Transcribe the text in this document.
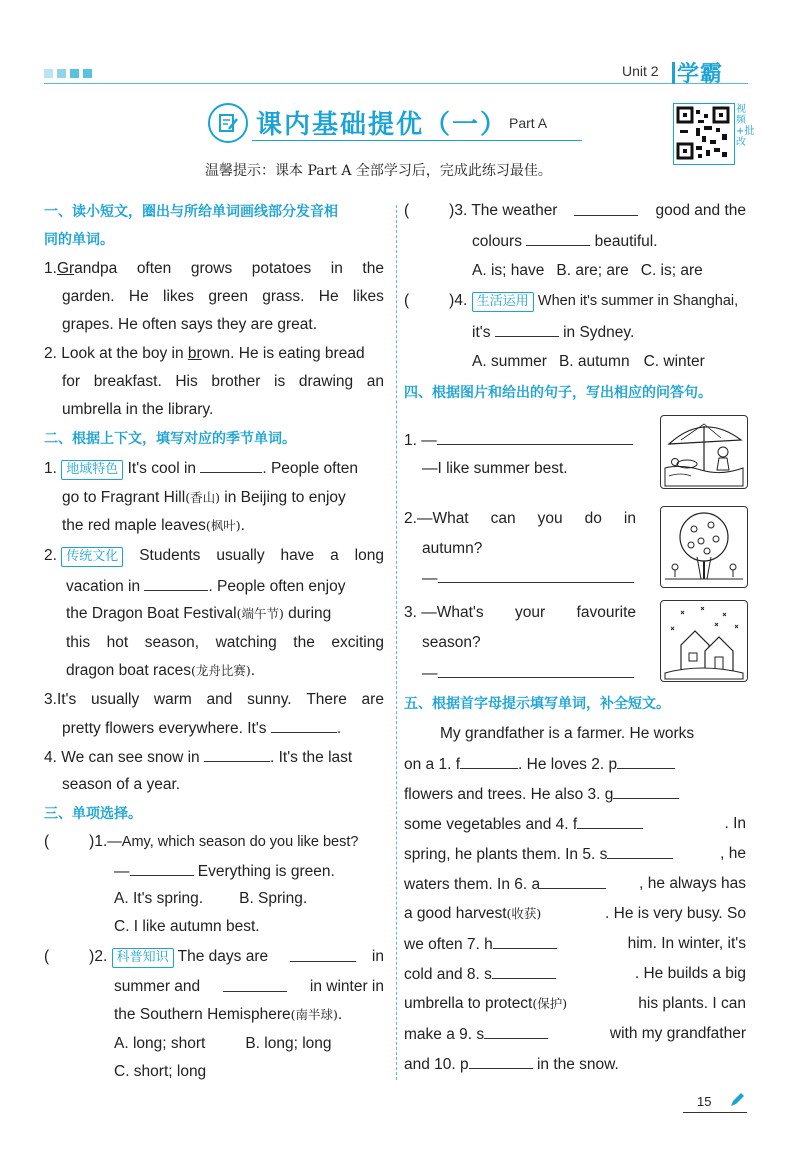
Unit 2 学霸
课内基础提优（一） Part A
视频+批改
温馨提示：课本 Part A 全部学习后，完成此练习最佳。
一、读小短文，圈出与所给单词画线部分发音相
同的单词。
1.Grandpa often grows potatoes in the
garden. He likes green grass. He likes
grapes. He often says they are great.
2. Look at the boy in brown. He is eating bread
for breakfast. His brother is drawing an
umbrella in the library.
二、根据上下文，填写对应的季节单词。
1. 地域特色 It's cool in	. People often
go to Fragrant Hill(香山) in Beijing to enjoy
the red maple leaves(枫叶).
2. 传统文化	Students usually have a long
vacation in	. People often enjoy
the Dragon Boat Festival(端午节) during
this hot season, watching the exciting
dragon boat races(龙舟比赛).
3.It's usually warm and sunny. There are
pretty flowers everywhere. It's	.
4. We can see snow in	. It's the last
season of a year.
三、单项选择。
(	)1.—Amy, which season do you like best?
—	Everything is green.
A. It's spring. B. Spring.
C. I like autumn best.
(	)2. 科普知识 The days are	in
summer and	in winter in
the Southern Hemisphere(南半球).
A. long; short	B. long; long
C. short; long
(	)3. The weather	good and the
colours	beautiful.
A. is; have B. are; are C. is; are
(	)4. 生活运用 When it's summer in Shanghai,
it's	in Sydney.
A. summer B. autumn C. winter
四、根据图片和给出的句子，写出相应的问答句。
1. —
—I like summer best.
2.—What can you do in
autumn?
—
3. —What's your favourite
season?
—
五、根据首字母提示填写单词，补全短文。
My grandfather is a farmer. He works
on a 1. f	. He loves 2. p
flowers and trees. He also 3. g
some vegetables and 4. f	. In
spring, he plants them. In 5. s	, he
waters them. In 6. a	, he always has
a good harvest(收获)	. He is very busy. So
we often 7. h	him. In winter, it's
cold and 8. s	. He builds a big
umbrella to protect(保护)	his plants. I can
make a 9. s	with my grandfather
and 10. p	in the snow.
15
